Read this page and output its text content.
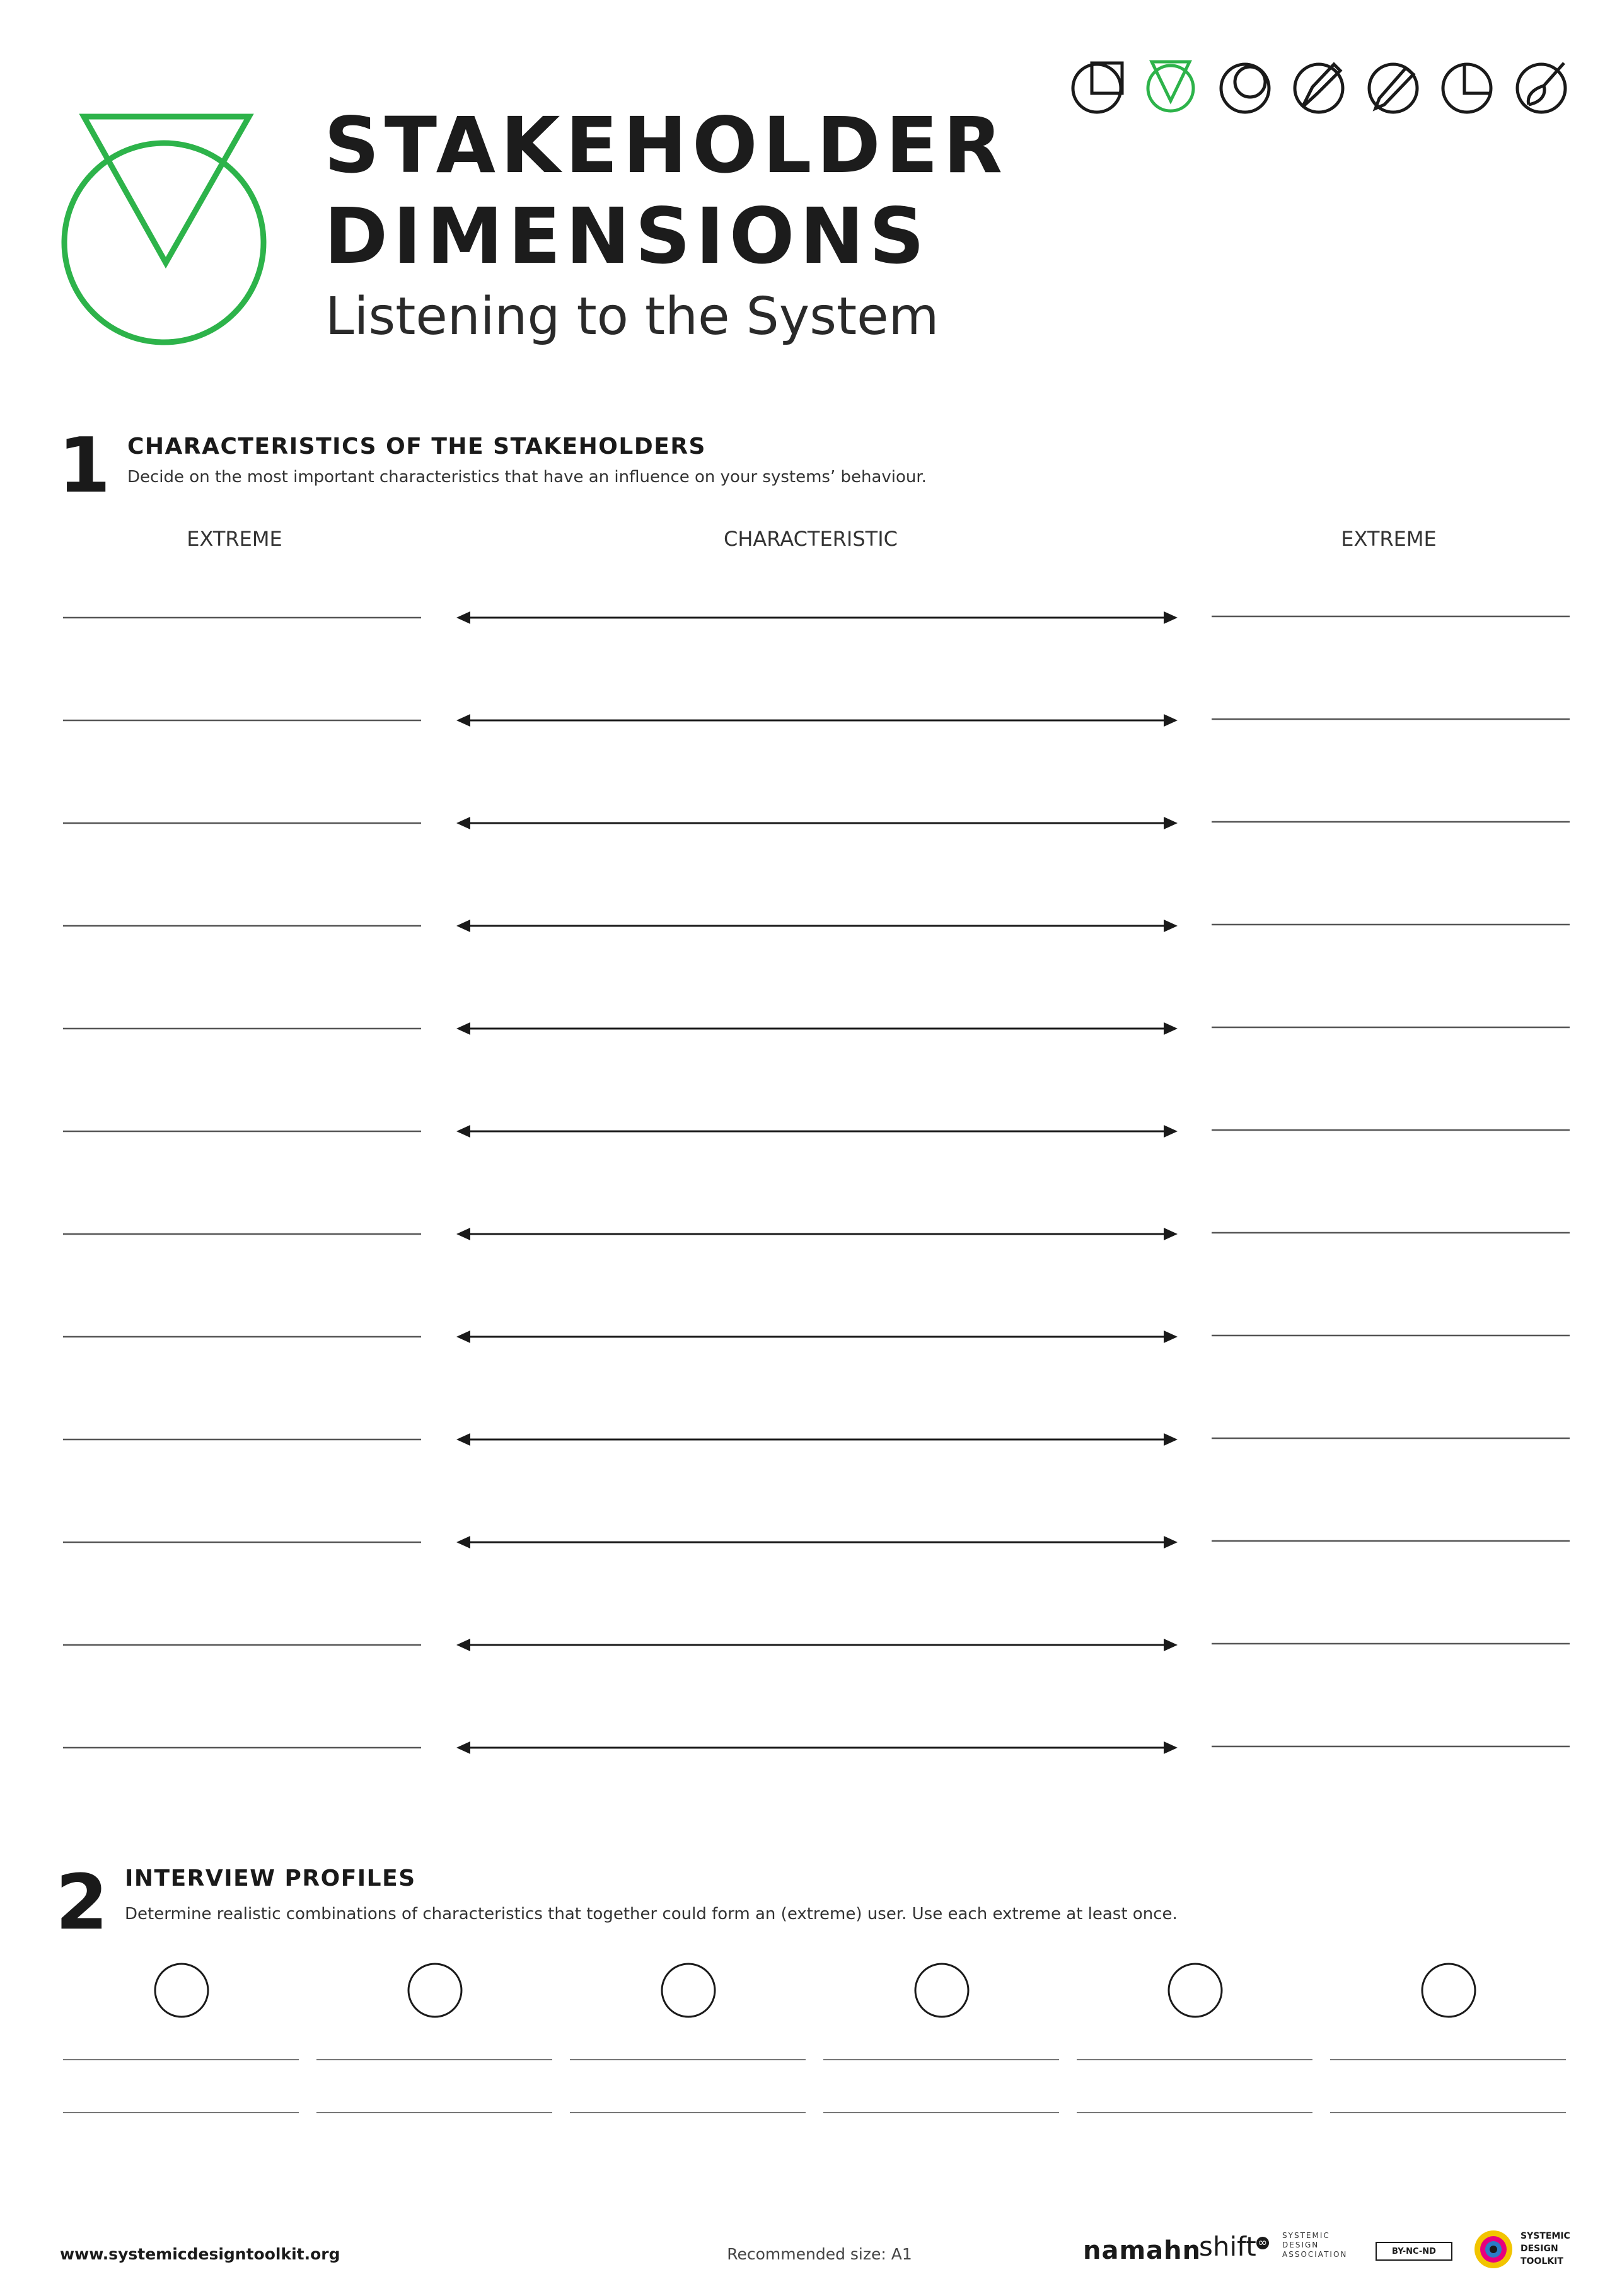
STAKEHOLDER
DIMENSIONS
Listening to the System
1 CHARACTERISTICS OF THE STAKEHOLDERS
Decide on the most important characteristics that have an influence on your systems’ behaviour.
EXTREME	CHARACTERISTIC	EXTREME
2 INTERVIEW PROFILES
Determine realistic combinations of characteristics that together could form an (extreme) user. Use each extreme at least once.
www.systemicdesigntoolkit.org	Recommended size: A1	namahn
shift ∞
SYSTEMIC
DESIGN
ASSOCIATION	BY-NC-ND
SYSTEMIC
DESIGN
TOOLKIT
